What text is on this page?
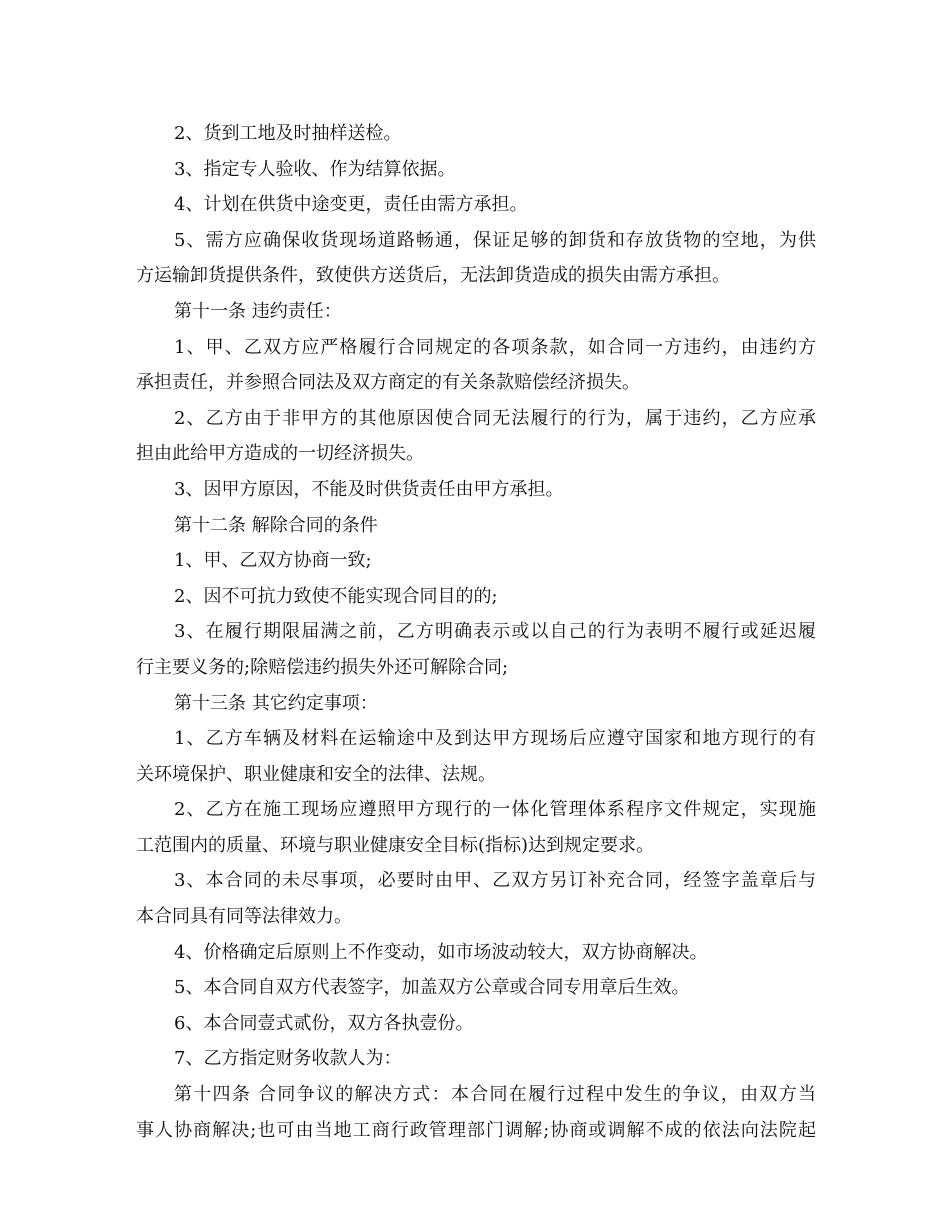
2、货到工地及时抽样送检。
3、指定专人验收、作为结算依据。
4、计划在供货中途变更，责任由需方承担。
5、需方应确保收货现场道路畅通，保证足够的卸货和存放货物的空地，为供
方运输卸货提供条件，致使供方送货后，无法卸货造成的损失由需方承担。
第十一条 违约责任：
1、甲、乙双方应严格履行合同规定的各项条款，如合同一方违约，由违约方
承担责任，并参照合同法及双方商定的有关条款赔偿经济损失。
2、乙方由于非甲方的其他原因使合同无法履行的行为，属于违约，乙方应承
担由此给甲方造成的一切经济损失。
3、因甲方原因，不能及时供货责任由甲方承担。
第十二条 解除合同的条件
1、甲、乙双方协商一致;
2、因不可抗力致使不能实现合同目的的;
3、在履行期限届满之前，乙方明确表示或以自己的行为表明不履行或延迟履
行主要义务的;除赔偿违约损失外还可解除合同;
第十三条 其它约定事项：
1、乙方车辆及材料在运输途中及到达甲方现场后应遵守国家和地方现行的有
关环境保护、职业健康和安全的法律、法规。
2、乙方在施工现场应遵照甲方现行的一体化管理体系程序文件规定，实现施
工范围内的质量、环境与职业健康安全目标(指标)达到规定要求。
3、本合同的未尽事项，必要时由甲、乙双方另订补充合同，经签字盖章后与
本合同具有同等法律效力。
4、价格确定后原则上不作变动，如市场波动较大，双方协商解决。
5、本合同自双方代表签字，加盖双方公章或合同专用章后生效。
6、本合同壹式贰份，双方各执壹份。
7、乙方指定财务收款人为：
第十四条 合同争议的解决方式：本合同在履行过程中发生的争议，由双方当
事人协商解决;也可由当地工商行政管理部门调解;协商或调解不成的依法向法院起
